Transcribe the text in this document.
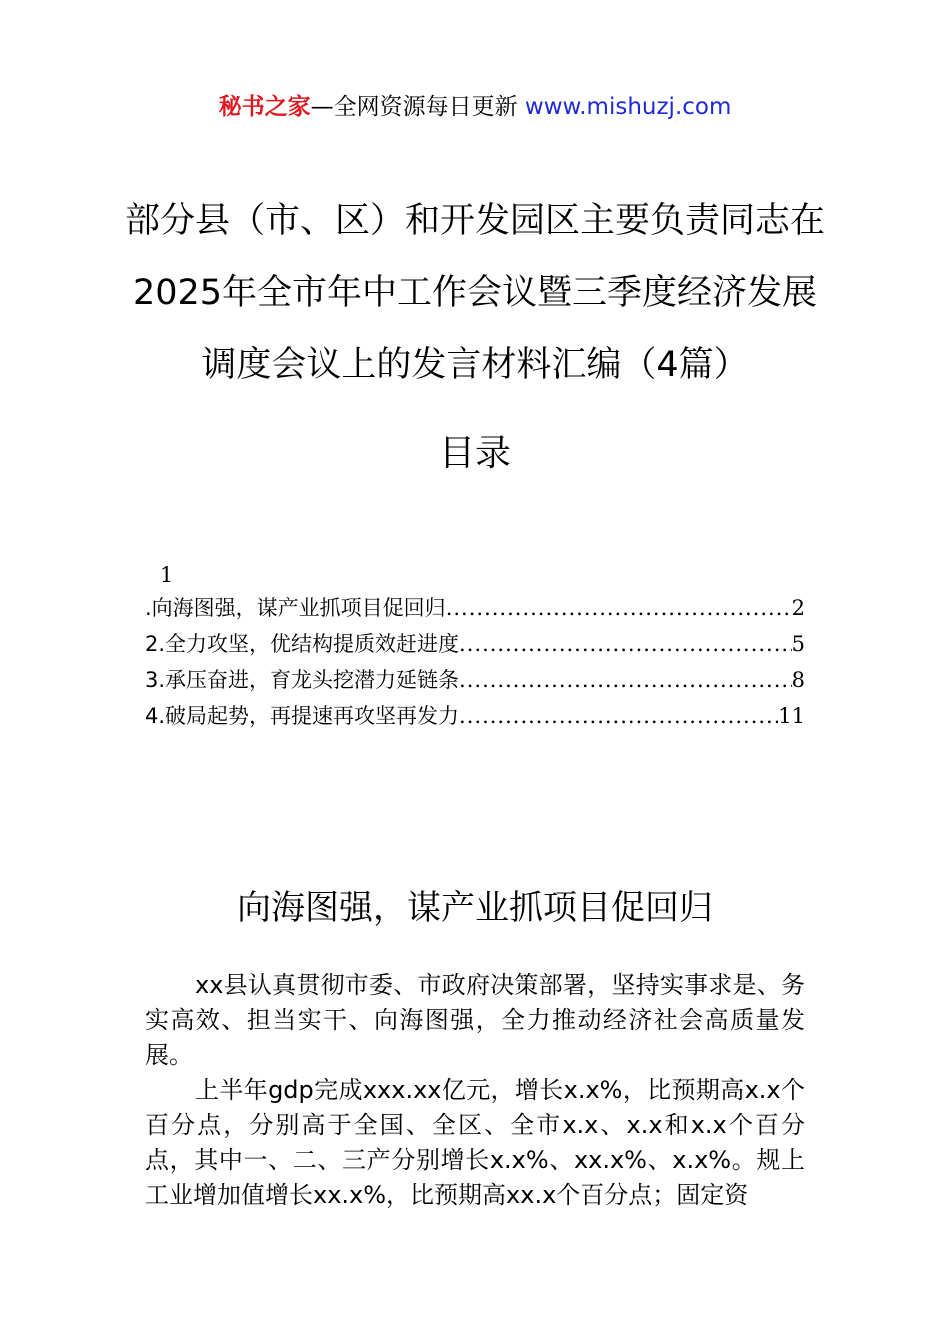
秘书之家—全网资源每日更新 www.mishuzj.com
部分县（市、区）和开发园区主要负责同志在2025年全市年中工作会议暨三季度经济发展调度会议上的发言材料汇编（4篇）
目录
1
.向海图强，谋产业抓项目促回归 .....	2
2.全力攻坚，优结构提质效赶进度 .....	5
3.承压奋进，育龙头挖潜力延链条 .....	8
4.破局起势，再提速再攻坚再发力 .....	11
向海图强，谋产业抓项目促回归

xx县认真贯彻市委、市政府决策部署，坚持实事求是、务实高效、担当实干、向海图强，全力推动经济社会高质量发展。

上半年gdp完成xxx.xx亿元，增长x.x%，比预期高x.x个百分点，分别高于全国、全区、全市x.x、x.x和x.x个百分点，其中一、二、三产分别增长x.x%、xx.x%、x.x%。规上工业增加值增长xx.x%，比预期高xx.x个百分点；固定资
